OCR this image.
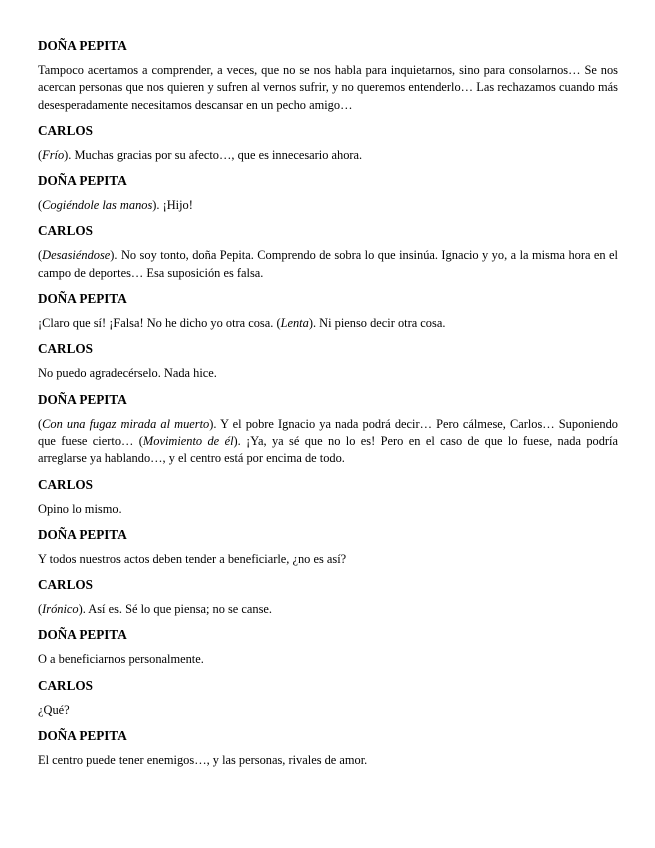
DOÑA PEPITA
Tampoco acertamos a comprender, a veces, que no se nos habla para inquietarnos, sino para consolarnos… Se nos acercan personas que nos quieren y sufren al vernos sufrir, y no queremos entenderlo… Las rechazamos cuando más desesperadamente necesitamos descansar en un pecho amigo…
CARLOS
(Frío). Muchas gracias por su afecto…, que es innecesario ahora.
DOÑA PEPITA
(Cogiéndole las manos). ¡Hijo!
CARLOS
(Desasiéndose). No soy tonto, doña Pepita. Comprendo de sobra lo que insinúa. Ignacio y yo, a la misma hora en el campo de deportes… Esa suposición es falsa.
DOÑA PEPITA
¡Claro que sí! ¡Falsa! No he dicho yo otra cosa. (Lenta). Ni pienso decir otra cosa.
CARLOS
No puedo agradecérselo. Nada hice.
DOÑA PEPITA
(Con una fugaz mirada al muerto). Y el pobre Ignacio ya nada podrá decir… Pero cálmese, Carlos… Suponiendo que fuese cierto… (Movimiento de él). ¡Ya, ya sé que no lo es! Pero en el caso de que lo fuese, nada podría arreglarse ya hablando…, y el centro está por encima de todo.
CARLOS
Opino lo mismo.
DOÑA PEPITA
Y todos nuestros actos deben tender a beneficiarle, ¿no es así?
CARLOS
(Irónico). Así es. Sé lo que piensa; no se canse.
DOÑA PEPITA
O a beneficiarnos personalmente.
CARLOS
¿Qué?
DOÑA PEPITA
El centro puede tener enemigos…, y las personas, rivales de amor.
